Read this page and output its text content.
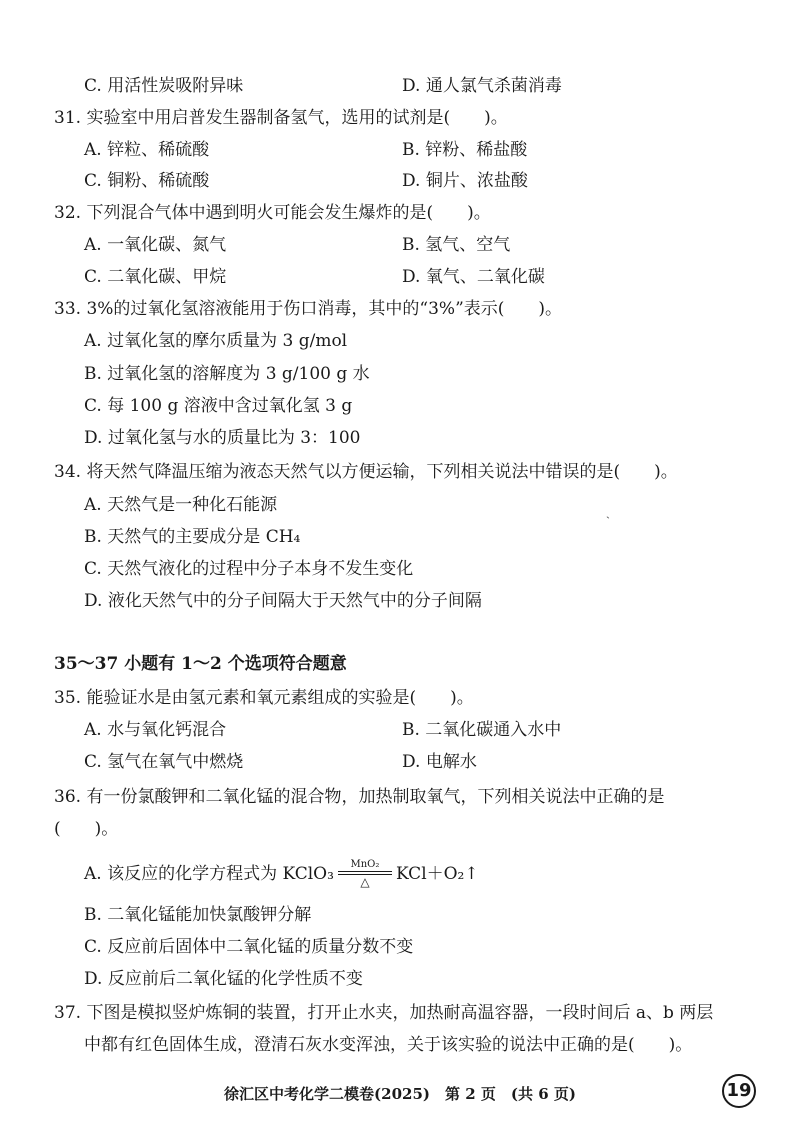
C. 用活性炭吸附异味	D. 通人氯气杀菌消毒
31. 实验室中用启普发生器制备氢气，选用的试剂是(　　)。
A. 锌粒、稀硫酸	B. 锌粉、稀盐酸
C. 铜粉、稀硫酸	D. 铜片、浓盐酸
32. 下列混合气体中遇到明火可能会发生爆炸的是(　　)。
A. 一氧化碳、氮气	B. 氢气、空气
C. 二氧化碳、甲烷	D. 氧气、二氧化碳
33. 3%的过氧化氢溶液能用于伤口消毒，其中的“3%”表示(　　)。
A. 过氧化氢的摩尔质量为 3 g/mol
B. 过氧化氢的溶解度为 3 g/100 g 水
C. 每 100 g 溶液中含过氧化氢 3 g
D. 过氧化氢与水的质量比为 3：100
34. 将天然气降温压缩为液态天然气以方便运输，下列相关说法中错误的是(　　)。
A. 天然气是一种化石能源	ˏ
B. 天然气的主要成分是 CH₄
C. 天然气液化的过程中分子本身不发生变化
D. 液化天然气中的分子间隔大于天然气中的分子间隔
35～37 小题有 1～2 个选项符合题意
35. 能验证水是由氢元素和氧元素组成的实验是(　　)。
A. 水与氧化钙混合	B. 二氧化碳通入水中
C. 氢气在氧气中燃烧	D. 电解水
36. 有一份氯酸钾和二氧化锰的混合物，加热制取氧气，下列相关说法中正确的是
(　　)。
A. 该反应的化学方程式为 KClO₃ MnO₂
△ KCl＋O₂↑
B. 二氧化锰能加快氯酸钾分解
C. 反应前后固体中二氧化锰的质量分数不变
D. 反应前后二氧化锰的化学性质不变
37. 下图是模拟竖炉炼铜的装置，打开止水夹，加热耐高温容器，一段时间后 a、b 两层
中都有红色固体生成，澄清石灰水变浑浊，关于该实验的说法中正确的是(　　)。
徐汇区中考化学二模卷(2025)　第 2 页　(共 6 页)	19
